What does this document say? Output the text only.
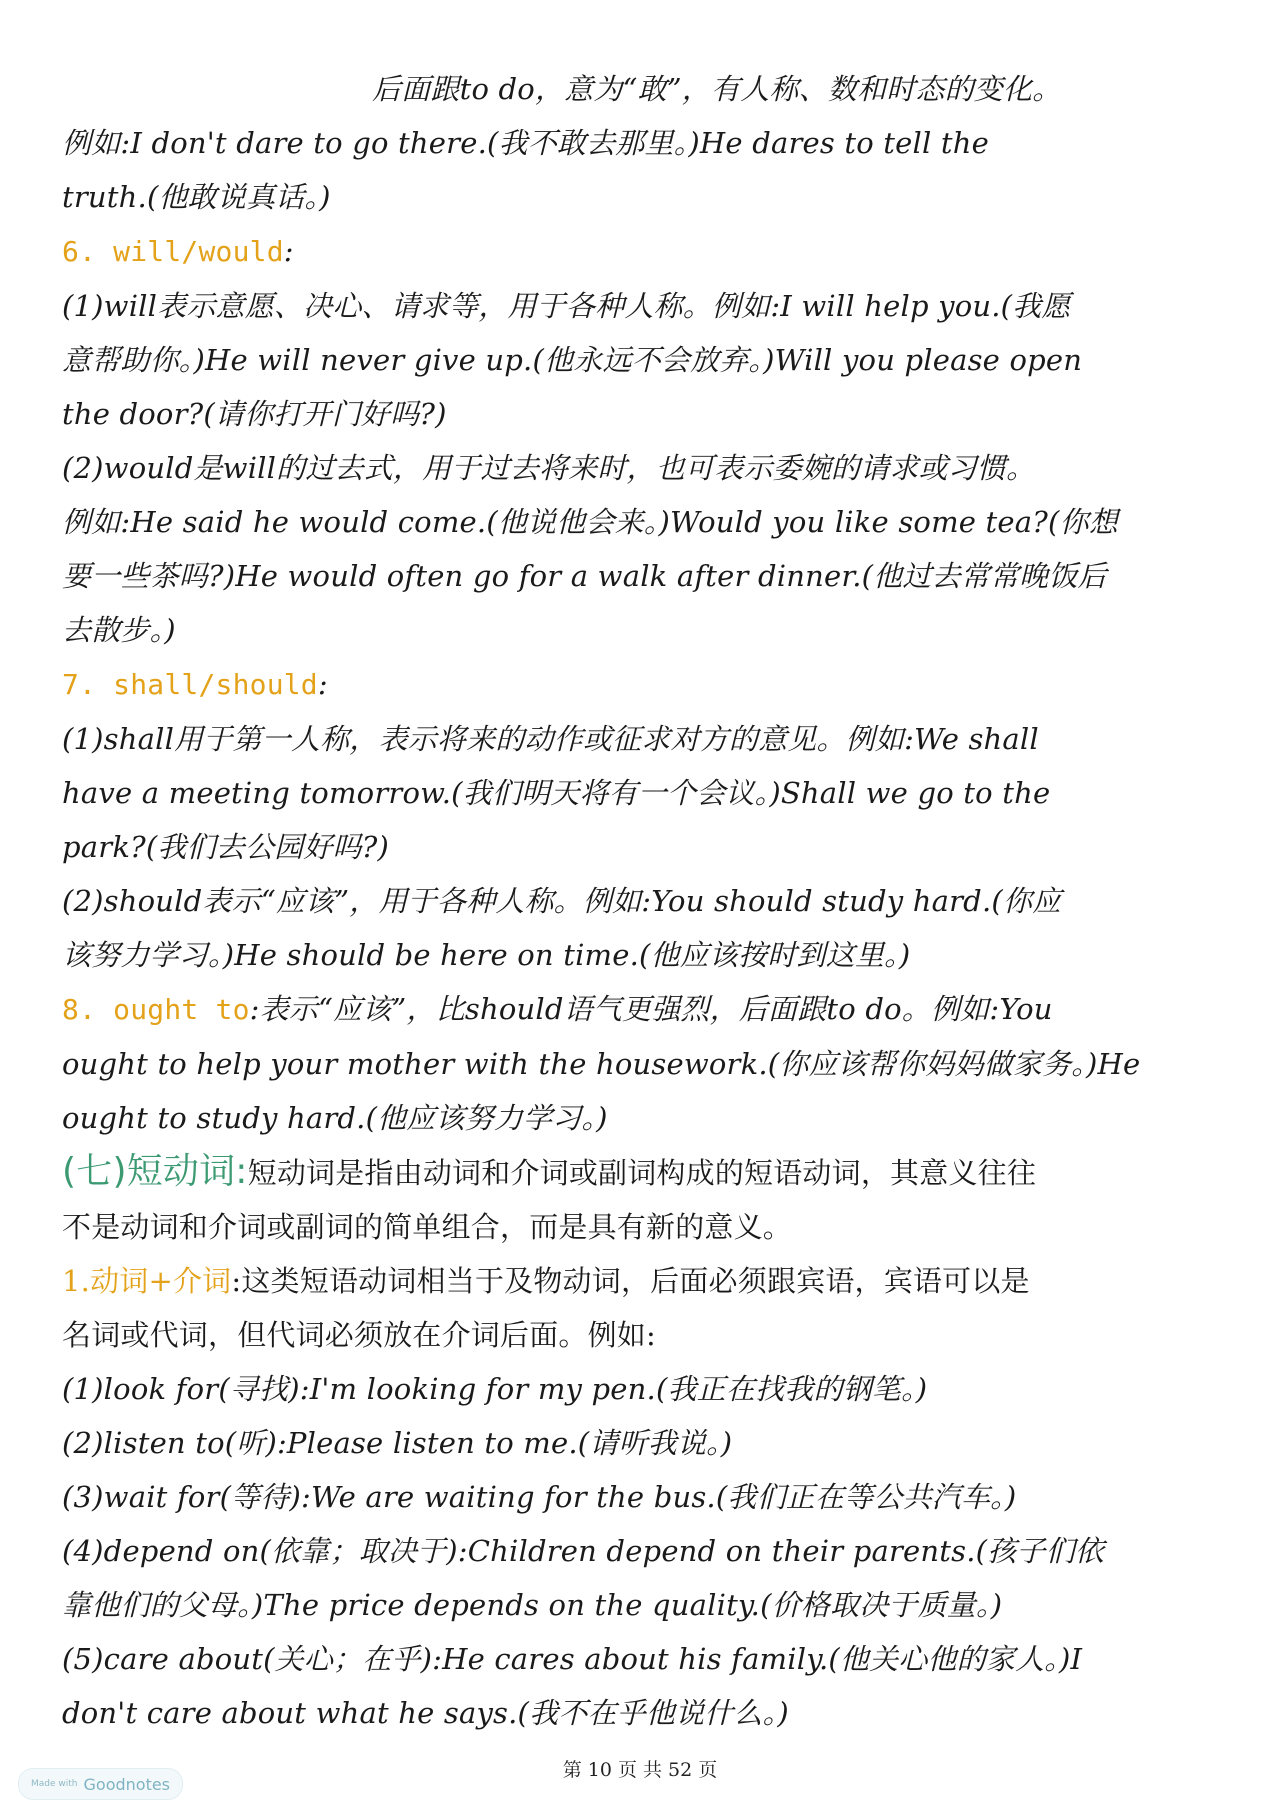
后面跟to do，意为“敢”，有人称、数和时态的变化。
例如:I don't dare to go there.(我不敢去那里。)He dares to tell the
truth.(他敢说真话。)
6. will/would:
(1)will表示意愿、决心、请求等，用于各种人称。例如:I will help you.(我愿
意帮助你。)He will never give up.(他永远不会放弃。)Will you please open
the door?(请你打开门好吗?)
(2)would是will的过去式，用于过去将来时，也可表示委婉的请求或习惯。
例如:He said he would come.(他说他会来。)Would you like some tea?(你想
要一些茶吗?)He would often go for a walk after dinner.(他过去常常晚饭后
去散步。)
7. shall/should:
(1)shall用于第一人称，表示将来的动作或征求对方的意见。例如:We shall
have a meeting tomorrow.(我们明天将有一个会议。)Shall we go to the
park?(我们去公园好吗?)
(2)should表示“应该”，用于各种人称。例如:You should study hard.(你应
该努力学习。)He should be here on time.(他应该按时到这里。)
8. ought to:表示“应该”，比should语气更强烈，后面跟to do。例如:You
ought to help your mother with the housework.(你应该帮你妈妈做家务。)He
ought to study hard.(他应该努力学习。)
(七)短动词:短动词是指由动词和介词或副词构成的短语动词，其意义往往
不是动词和介词或副词的简单组合，而是具有新的意义。
1.动词+介词:这类短语动词相当于及物动词，后面必须跟宾语，宾语可以是
名词或代词，但代词必须放在介词后面。例如:
(1)look for(寻找):I'm looking for my pen.(我正在找我的钢笔。)
(2)listen to(听):Please listen to me.(请听我说。)
(3)wait for(等待):We are waiting for the bus.(我们正在等公共汽车。)
(4)depend on(依靠；取决于):Children depend on their parents.(孩子们依
靠他们的父母。)The price depends on the quality.(价格取决于质量。)
(5)care about(关心；在乎):He cares about his family.(他关心他的家人。)I
don't care about what he says.(我不在乎他说什么。)
第 10 页 共 52 页
Made with Goodnotes
